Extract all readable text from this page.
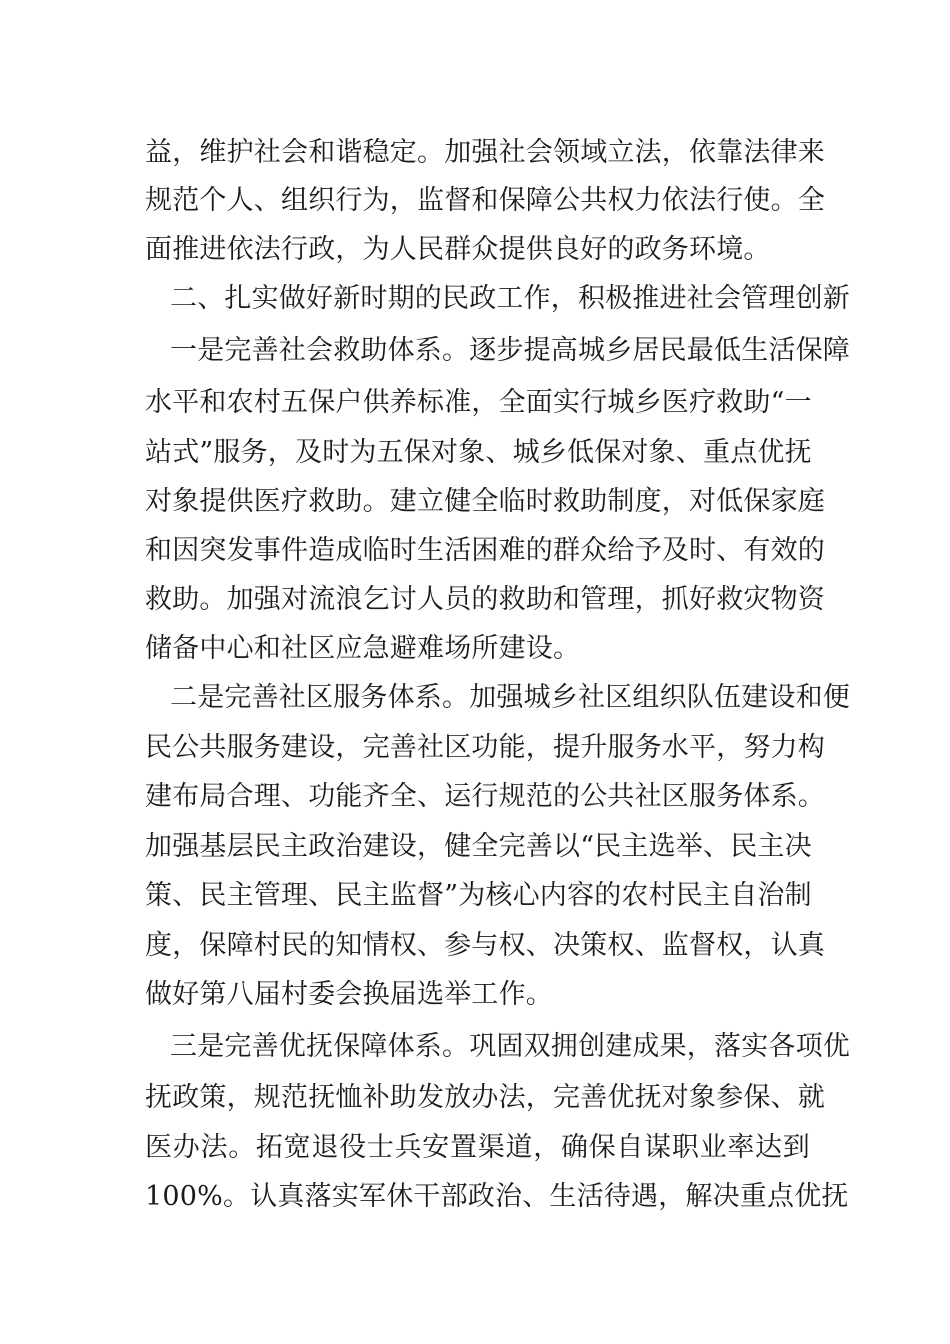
益，维护社会和谐稳定。加强社会领域立法，依靠法律来
规范个人、组织行为，监督和保障公共权力依法行使。全
面推进依法行政，为人民群众提供良好的政务环境。
二、扎实做好新时期的民政工作，积极推进社会管理创新
一是完善社会救助体系。逐步提高城乡居民最低生活保障
水平和农村五保户供养标准，全面实行城乡医疗救助“一
站式”服务，及时为五保对象、城乡低保对象、重点优抚
对象提供医疗救助。建立健全临时救助制度，对低保家庭
和因突发事件造成临时生活困难的群众给予及时、有效的
救助。加强对流浪乞讨人员的救助和管理，抓好救灾物资
储备中心和社区应急避难场所建设。
二是完善社区服务体系。加强城乡社区组织队伍建设和便
民公共服务建设，完善社区功能，提升服务水平，努力构
建布局合理、功能齐全、运行规范的公共社区服务体系。
加强基层民主政治建设，健全完善以“民主选举、民主决
策、民主管理、民主监督”为核心内容的农村民主自治制
度，保障村民的知情权、参与权、决策权、监督权，认真
做好第八届村委会换届选举工作。
三是完善优抚保障体系。巩固双拥创建成果，落实各项优
抚政策，规范抚恤补助发放办法，完善优抚对象参保、就
医办法。拓宽退役士兵安置渠道，确保自谋职业率达到
100%。认真落实军休干部政治、生活待遇，解决重点优抚
